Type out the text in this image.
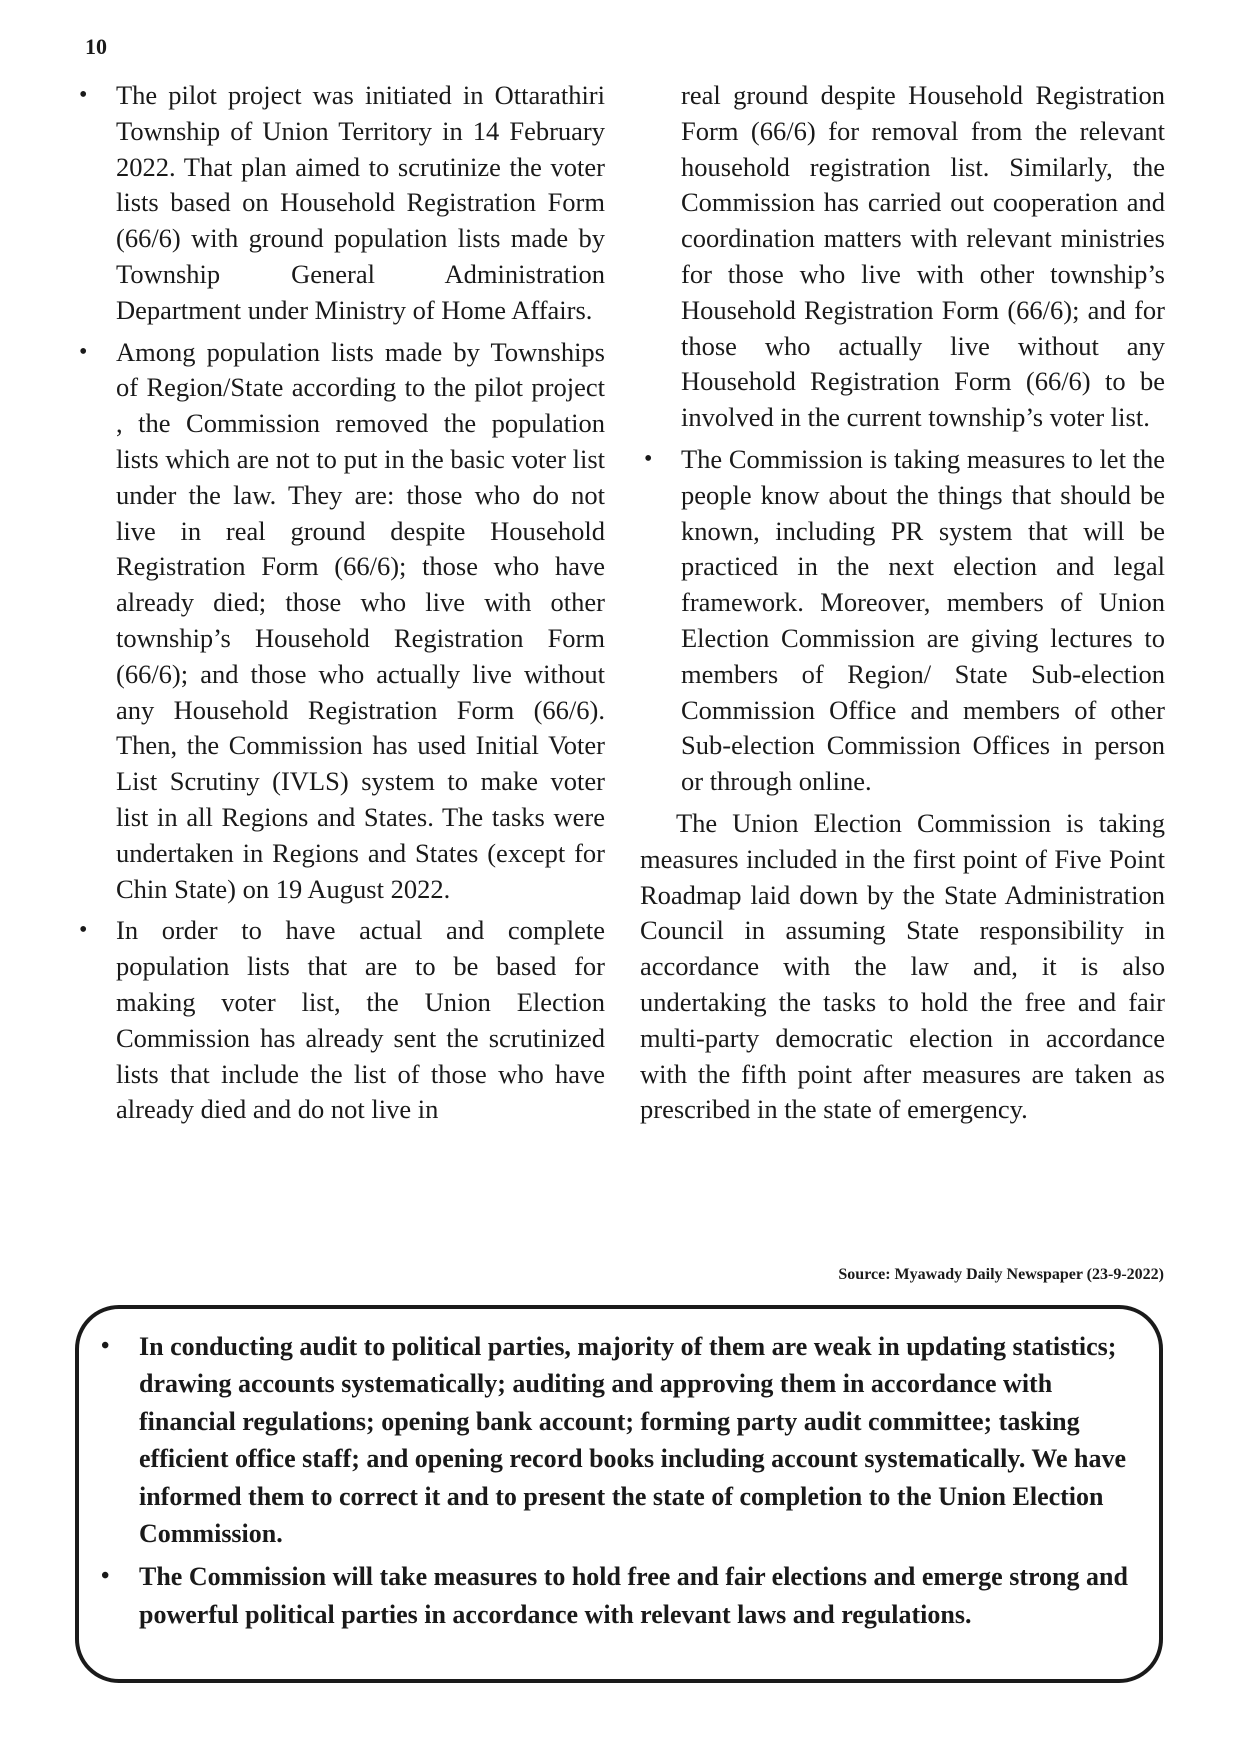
10
• The pilot project was initiated in Ottarathiri Township of Union Territory in 14 February 2022. That plan aimed to scrutinize the voter lists based on Household Registration Form (66/6) with ground population lists made by Township General Administration Department under Ministry of Home Affairs.
• Among population lists made by Townships of Region/State according to the pilot project , the Commission removed the population lists which are not to put in the basic voter list under the law. They are: those who do not live in real ground despite Household Registration Form (66/6); those who have already died; those who live with other township’s Household Registration Form (66/6); and those who actually live without any Household Registration Form (66/6). Then, the Commission has used Initial Voter List Scrutiny (IVLS) system to make voter list in all Regions and States. The tasks were undertaken in Regions and States (except for Chin State) on 19 August 2022.
• In order to have actual and complete population lists that are to be based for making voter list, the Union Election Commission has already sent the scrutinized lists that include the list of those who have already died and do not live in

real ground despite Household Registration Form (66/6) for removal from the relevant household registration list. Similarly, the Commission has carried out cooperation and coordination matters with relevant ministries for those who live with other township’s Household Registration Form (66/6); and for those who actually live without any Household Registration Form (66/6) to be involved in the current township’s voter list.

• The Commission is taking measures to let the people know about the things that should be known, including PR system that will be practiced in the next election and legal framework. Moreover, members of Union Election Commission are giving lectures to members of Region/ State Sub-election Commission Office and members of other Sub-election Commission Offices in person or through online.

The Union Election Commission is taking measures included in the first point of Five Point Roadmap laid down by the State Administration Council in assuming State responsibility in accordance with the law and, it is also undertaking the tasks to hold the free and fair multi-party democratic election in accordance with the fifth point after measures are taken as prescribed in the state of emergency.

Source: Myawady Daily Newspaper (23-9-2022)
• In conducting audit to political parties, majority of them are weak in updating statistics; drawing accounts systematically; auditing and approving them in accordance with financial regulations; opening bank account; forming party audit committee; tasking efficient office staff; and opening record books including account systematically. We have informed them to correct it and to present the state of completion to the Union Election Commission.
• The Commission will take measures to hold free and fair elections and emerge strong and powerful political parties in accordance with relevant laws and regulations.
